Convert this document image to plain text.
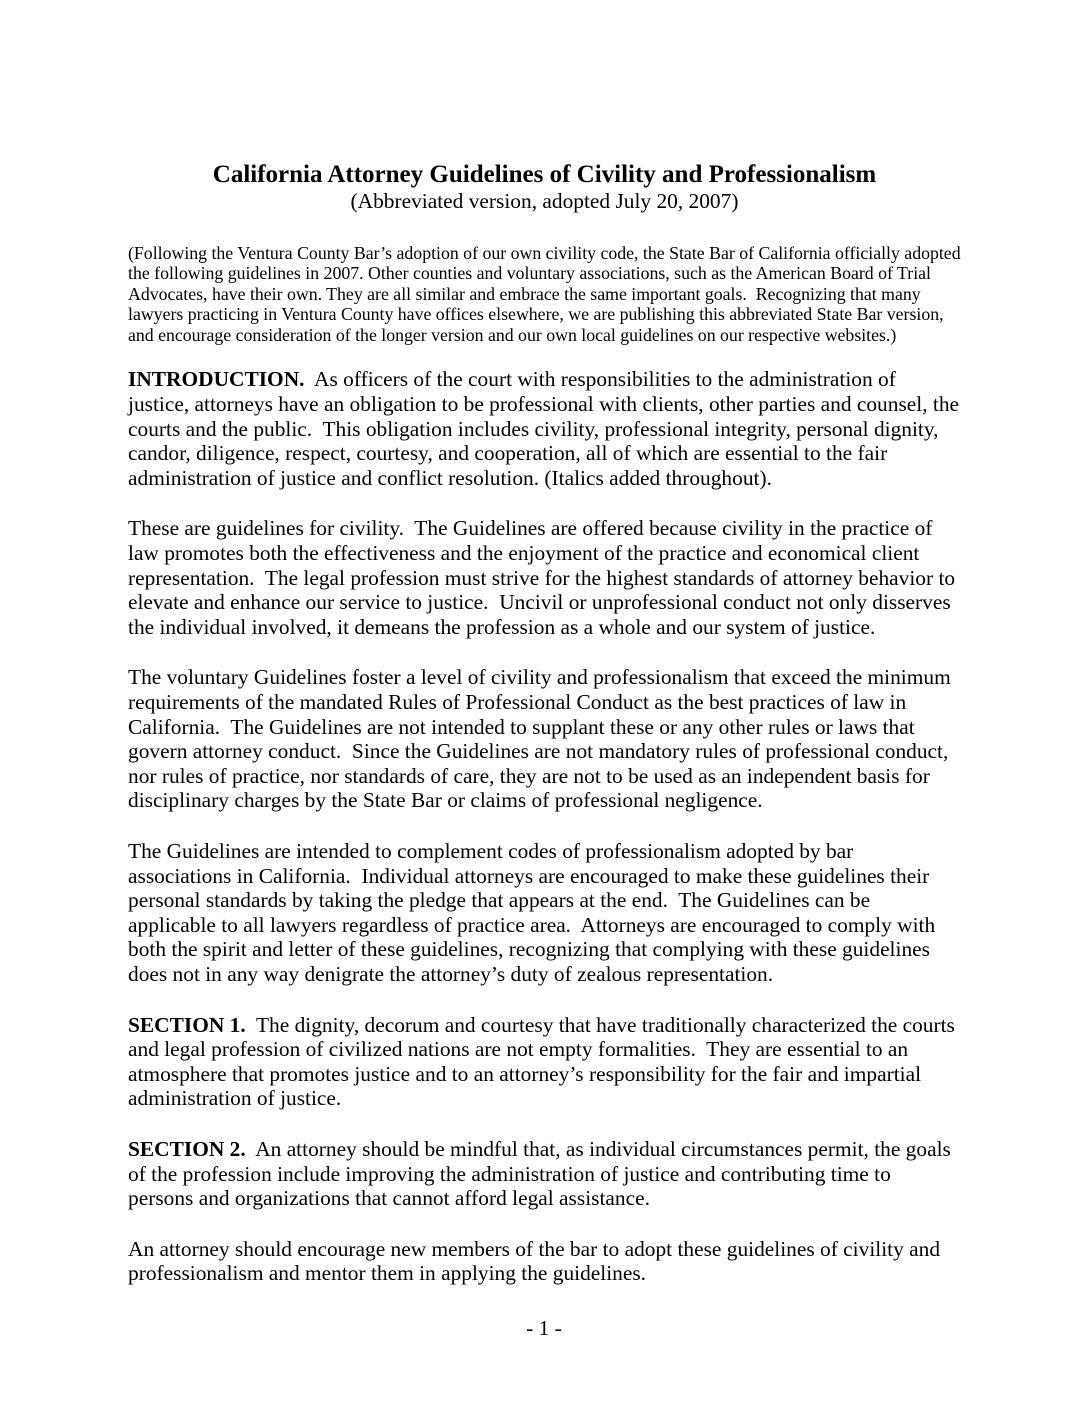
California Attorney Guidelines of Civility and Professionalism
(Abbreviated version, adopted July 20, 2007)

(Following the Ventura County Bar’s adoption of our own civility code, the State Bar of California officially adopted the following guidelines in 2007. Other counties and voluntary associations, such as the American Board of Trial Advocates, have their own. They are all similar and embrace the same important goals.  Recognizing that many lawyers practicing in Ventura County have offices elsewhere, we are publishing this abbreviated State Bar version, and encourage consideration of the longer version and our own local guidelines on our respective websites.)

INTRODUCTION.  As officers of the court with responsibilities to the administration of justice, attorneys have an obligation to be professional with clients, other parties and counsel, the courts and the public.  This obligation includes civility, professional integrity, personal dignity, candor, diligence, respect, courtesy, and cooperation, all of which are essential to the fair administration of justice and conflict resolution. (Italics added throughout).

These are guidelines for civility.  The Guidelines are offered because civility in the practice of law promotes both the effectiveness and the enjoyment of the practice and economical client representation.  The legal profession must strive for the highest standards of attorney behavior to elevate and enhance our service to justice.  Uncivil or unprofessional conduct not only disserves the individual involved, it demeans the profession as a whole and our system of justice.

The voluntary Guidelines foster a level of civility and professionalism that exceed the minimum requirements of the mandated Rules of Professional Conduct as the best practices of law in California.  The Guidelines are not intended to supplant these or any other rules or laws that govern attorney conduct.  Since the Guidelines are not mandatory rules of professional conduct, nor rules of practice, nor standards of care, they are not to be used as an independent basis for disciplinary charges by the State Bar or claims of professional negligence.

The Guidelines are intended to complement codes of professionalism adopted by bar associations in California.  Individual attorneys are encouraged to make these guidelines their personal standards by taking the pledge that appears at the end.  The Guidelines can be applicable to all lawyers regardless of practice area.  Attorneys are encouraged to comply with both the spirit and letter of these guidelines, recognizing that complying with these guidelines does not in any way denigrate the attorney’s duty of zealous representation.

SECTION 1.  The dignity, decorum and courtesy that have traditionally characterized the courts and legal profession of civilized nations are not empty formalities.  They are essential to an atmosphere that promotes justice and to an attorney’s responsibility for the fair and impartial administration of justice.

SECTION 2.  An attorney should be mindful that, as individual circumstances permit, the goals of the profession include improving the administration of justice and contributing time to persons and organizations that cannot afford legal assistance.

An attorney should encourage new members of the bar to adopt these guidelines of civility and professionalism and mentor them in applying the guidelines.

- 1 -
